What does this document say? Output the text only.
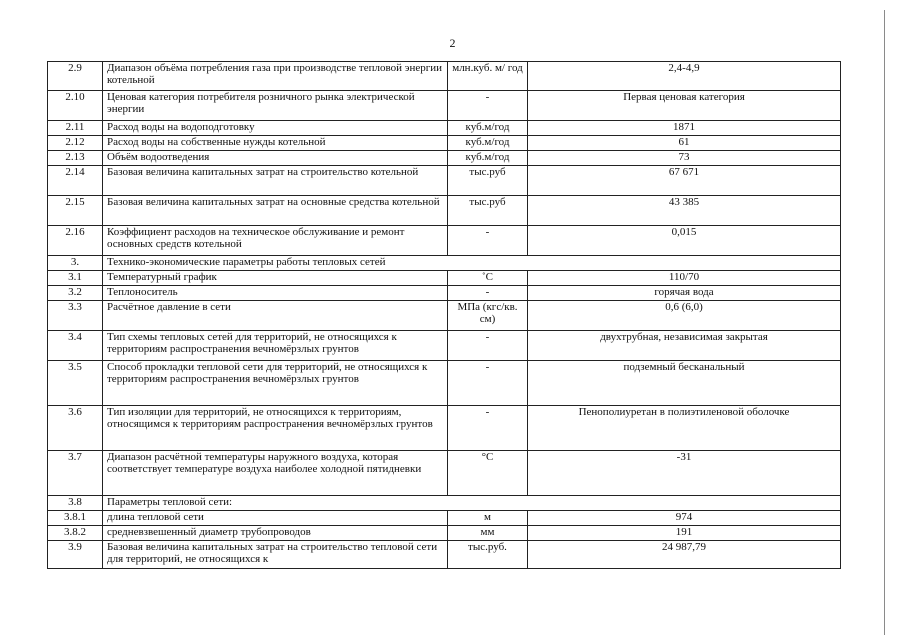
2
2.9	Диапазон объёма потребления газа при производстве тепловой энергии котельной	млн.куб. м/ год	2,4-4,9
2.10	Ценовая категория потребителя розничного рынка электрической энергии	-	Первая ценовая категория
2.11	Расход воды на водоподготовку	куб.м/год	1871
2.12	Расход воды на собственные нужды котельной	куб.м/год	61
2.13	Объём водоотведения	куб.м/год	73
2.14	Базовая величина капитальных затрат на строительство котельной	тыс.руб	67 671
2.15	Базовая величина капитальных затрат на основные средства котельной	тыс.руб	43 385
2.16	Коэффициент расходов на техническое обслуживание и ремонт основных средств котельной	-	0,015
3.	Технико-экономические параметры работы тепловых сетей		
3.1	Температурный график	˚С	110/70
3.2	Теплоноситель	-	горячая вода
3.3	Расчётное давление в сети	МПа (кгс/кв. см)	0,6 (6,0)
3.4	Тип схемы тепловых сетей для территорий, не относящихся к территориям распространения вечномёрзлых грунтов	-	двухтрубная, независимая закрытая
3.5	Способ прокладки тепловой сети для территорий, не относящихся к территориям распространения вечномёрзлых грунтов	-	подземный бесканальный
3.6	Тип изоляции для территорий, не относящихся к территориям, относящимся к территориям распространения вечномёрзлых грунтов	-	Пенополиуретан в полиэтиленовой оболочке
3.7	Диапазон расчётной температуры наружного воздуха, которая соответствует температуре воздуха наиболее холодной пятидневки	°С	-31
3.8	Параметры тепловой сети:		
3.8.1	длина тепловой сети	м	974
3.8.2	средневзвешенный диаметр трубопроводов	мм	191
3.9	Базовая величина капитальных затрат на строительство тепловой сети для территорий, не относящихся к	тыс.руб.	24 987,79
